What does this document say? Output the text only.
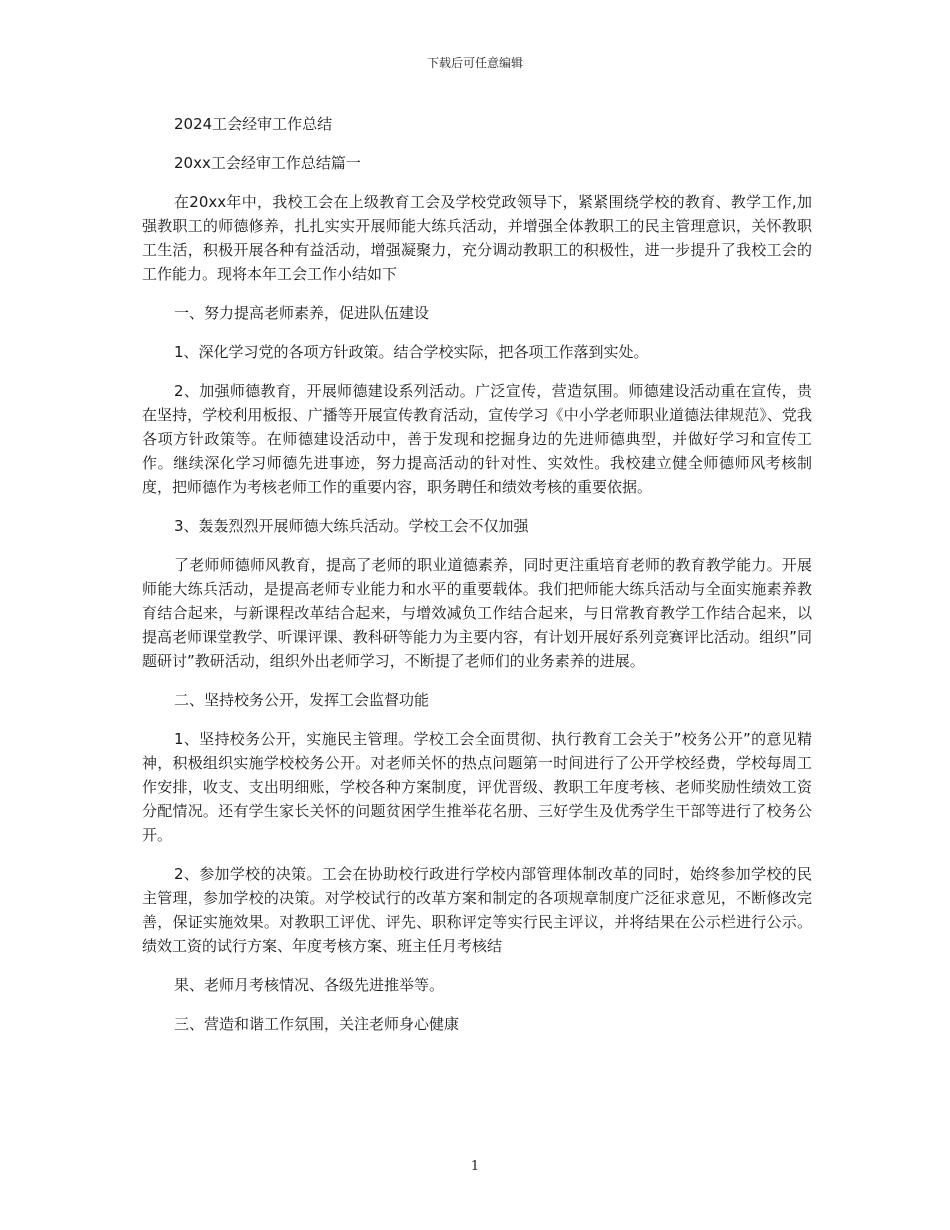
下载后可任意编辑

2024工会经审工作总结

20xx工会经审工作总结篇一

在20xx年中，我校工会在上级教育工会及学校党政领导下，紧紧围绕学校的教育、教学工作,加强教职工的师德修养，扎扎实实开展师能大练兵活动，并增强全体教职工的民主管理意识，关怀教职工生活，积极开展各种有益活动，增强凝聚力，充分调动教职工的积极性，进一步提升了我校工会的工作能力。现将本年工会工作小结如下

一、努力提高老师素养，促进队伍建设

1、深化学习党的各项方针政策。结合学校实际，把各项工作落到实处。

2、加强师德教育，开展师德建设系列活动。广泛宣传，营造氛围。师德建设活动重在宣传，贵在坚持，学校利用板报、广播等开展宣传教育活动，宣传学习《中小学老师职业道德法律规范》、党我各项方针政策等。在师德建设活动中，善于发现和挖掘身边的先进师德典型，并做好学习和宣传工作。继续深化学习师德先进事迹，努力提高活动的针对性、实效性。我校建立健全师德师风考核制度，把师德作为考核老师工作的重要内容，职务聘任和绩效考核的重要依据。

3、轰轰烈烈开展师德大练兵活动。学校工会不仅加强

了老师师德师风教育，提高了老师的职业道德素养，同时更注重培育老师的教育教学能力。开展师能大练兵活动，是提高老师专业能力和水平的重要载体。我们把师能大练兵活动与全面实施素养教育结合起来，与新课程改革结合起来，与增效减负工作结合起来，与日常教育教学工作结合起来，以提高老师课堂教学、听课评课、教科研等能力为主要内容，有计划开展好系列竞赛评比活动。组织”同题研讨”教研活动，组织外出老师学习，不断提了老师们的业务素养的进展。

二、坚持校务公开，发挥工会监督功能

1、坚持校务公开，实施民主管理。学校工会全面贯彻、执行教育工会关于”校务公开”的意见精神，积极组织实施学校校务公开。对老师关怀的热点问题第一时间进行了公开学校经费，学校每周工作安排，收支、支出明细账，学校各种方案制度，评优晋级、教职工年度考核、老师奖励性绩效工资分配情况。还有学生家长关怀的问题贫困学生推举花名册、三好学生及优秀学生干部等进行了校务公开。

2、参加学校的决策。工会在协助校行政进行学校内部管理体制改革的同时，始终参加学校的民主管理，参加学校的决策。对学校试行的改革方案和制定的各项规章制度广泛征求意见，不断修改完善，保证实施效果。对教职工评优、评先、职称评定等实行民主评议，并将结果在公示栏进行公示。绩效工资的试行方案、年度考核方案、班主任月考核结

果、老师月考核情况、各级先进推举等。

三、营造和谐工作氛围，关注老师身心健康

1
